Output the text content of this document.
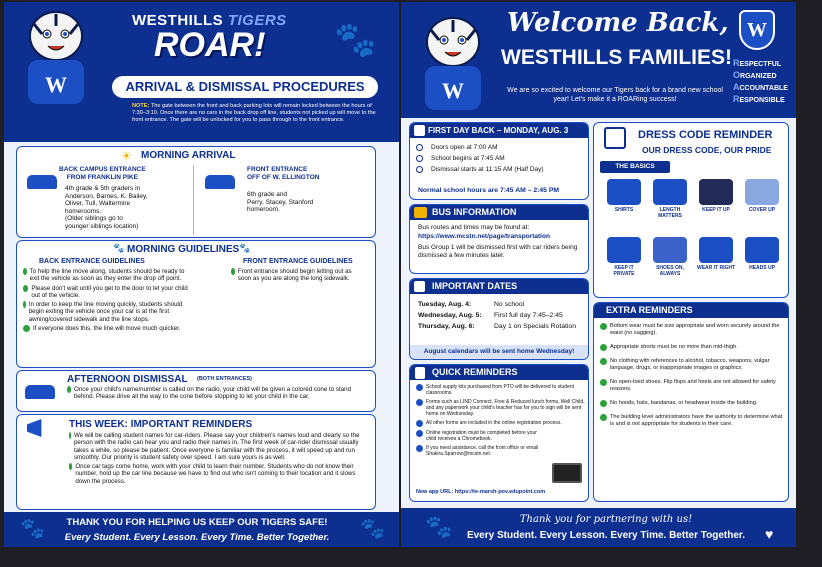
W
WESTHILLS TIGERS
ROAR! 🐾
ARRIVAL & DISMISSAL PROCEDURES
NOTE: The gate between the front and back parking lots will remain locked between the hours of 7:30–3:10. Once there are no cars in the back drop off line, students not picked up will move to the front entrance. The gate will be unlocked for you to pass through to the front entrance.
☀ MORNING ARRIVAL
BACK CAMPUS ENTRANCE
FROM FRANKLIN PIKE
4th grade & 5th graders in
Anderson, Barnes, K. Bailey,
Oliver, Tull, Waltermire
homerooms.
(Older siblings go to
younger siblings location)
FRONT ENTRANCE
OFF OF W. ELLINGTON
6th grade and
Perry, Stacey, Stanford
homeroom.
🐾 MORNING GUIDELINES 🐾
BACK ENTRANCE GUIDELINES
To help the line move along, students should be ready to exit the vehicle as soon as they enter the drop off point.
Please don't wait until you get to the door to let your child out of the vehicle.
In order to keep the line moving quickly, students should begin exiting the vehicle once your car is at the first awning/covered sidewalk and the line stops.
If everyone does this, the line will move much quicker.
FRONT ENTRANCE GUIDELINES
Front entrance should begin letting out as soon as you are along the long sidewalk.
AFTERNOON DISMISSAL (BOTH ENTRANCES)
Once your child's name/number is called on the radio, your child will be given a colored cone to stand behind. Please drive all the way to the cone before stopping to let your child in the car.
THIS WEEK: IMPORTANT REMINDERS
We will be calling student names for car-riders. Please say your children's names loud and clearly so the person with the radio can hear you and radio their names in. The first week of car-rider dismissal usually takes a while, so please be patient. Once everyone is familiar with the process, it will speed up and run smoothly. Our priority is student safety over speed. I am sure yours is as well.
Once car tags come home, work with your child to learn their number. Students who do not know their number, hold up the car line because we have to find out who isn't coming to their location and it slows down the process.
🐾	THANK YOU FOR HELPING US KEEP OUR TIGERS SAFE!
Every Student. Every Lesson. Every Time. Better Together.	🐾
W
Welcome Back,
WESTHILLS FAMILIES!
We are so excited to welcome our Tigers back for a brand new school year! Let's make it a ROARing success!
W
RESPECTFUL
ORGANIZED
ACCOUNTABLE
RESPONSIBLE
FIRST DAY BACK – MONDAY, AUG. 3
Doors open at 7:00 AM
School begins at 7:45 AM
Dismissal starts at 11:15 AM (Half Day)
Normal school hours are 7:45 AM – 2:45 PM
BUS INFORMATION
Bus routes and times may be found at:
https://www.mcstn.net/page/transportation
Bus Group 1 will be dismissed first with car riders being dismissed a few minutes later.
IMPORTANT DATES
Tuesday, Aug. 4:	No school
Wednesday, Aug. 5: First full day 7:45–2:45
Thursday, Aug. 6:	Day 1 on Specials Rotation
August calendars will be sent home Wednesday!
QUICK REMINDERS
School supply kits purchased from PTO will be delivered to student classrooms.
Forms such as LIND Connect, Free & Reduced lunch forms, Well Child, and any paperwork your child's teacher has for you to sign will be sent home on Wednesday.
All other forms are included in the online registration process.
Online registration must be completed before your child receives a Chromebook.
If you need assistance, call the front office or email Shakira.Sparrow@mcstn.net.
New app URL: https://te-marsh-pov.edupoint.com
DRESS CODE REMINDER
OUR DRESS CODE, OUR PRIDE
THE BASICS
SHIRTS	LENGTH MATTERS
KEEP IT UP	COVER UP
KEEP IT PRIVATE
SHOES ON, ALWAYS
WEAR IT RIGHT	HEADS UP
EXTRA REMINDERS
Bottom wear must be size appropriate and worn securely around the waist (no sagging).
Appropriate shorts must be no more than mid-thigh.
No clothing with references to alcohol, tobacco, weapons, vulgar language, drugs, or inappropriate images or graphics.
No open-toed shoes. Flip flops and heels are not allowed for safety reasons.
No hoods, hats, bandanas, or headwear inside the building.
The building level administrators have the authority to determine what is and is not appropriate for students in their care.
🐾	Thank you for partnering with us!
Every Student. Every Lesson. Every Time. Better Together.	♥
